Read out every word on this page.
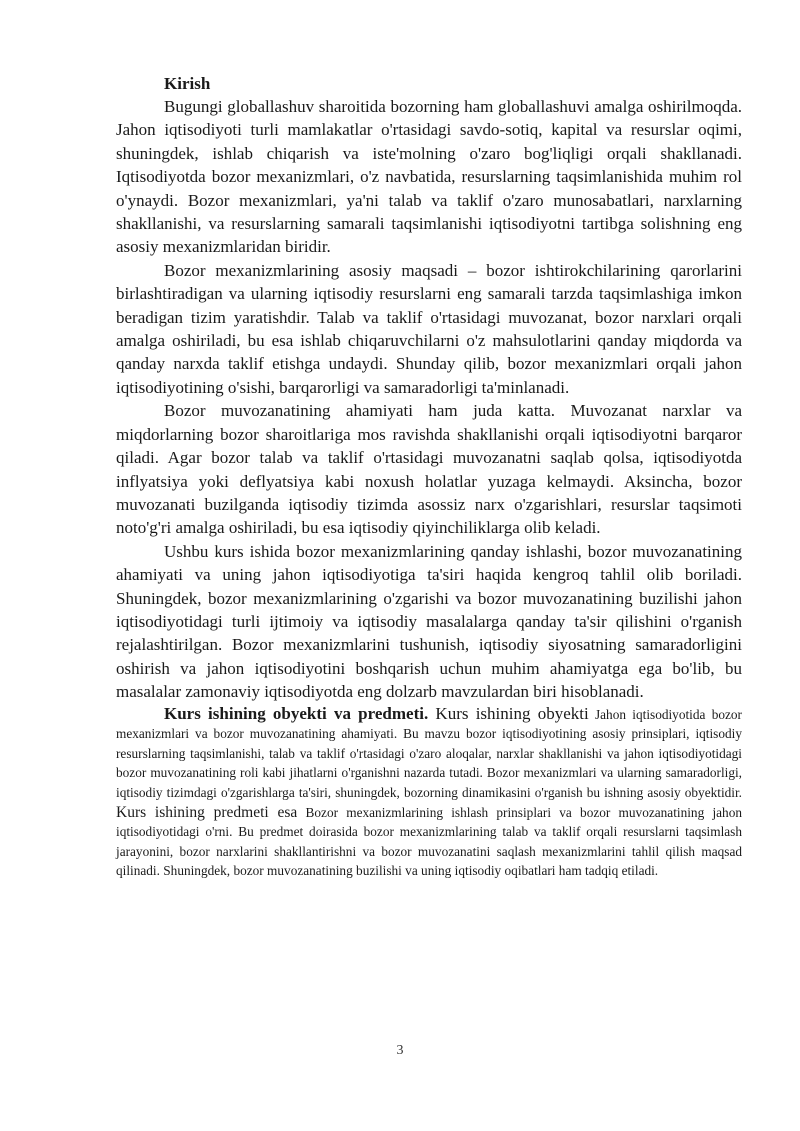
Kirish

Bugungi globallashuv sharoitida bozorning ham globallashuvi amalga oshirilmoqda. Jahon iqtisodiyoti turli mamlakatlar o'rtasidagi savdo-sotiq, kapital va resurslar oqimi, shuningdek, ishlab chiqarish va iste'molning o'zaro bog'liqligi orqali shakllanadi. Iqtisodiyotda bozor mexanizmlari, o'z navbatida, resurslarning taqsimlanishida muhim rol o'ynaydi. Bozor mexanizmlari, ya'ni talab va taklif o'zaro munosabatlari, narxlarning shakllanishi, va resurslarning samarali taqsimlanishi iqtisodiyotni tartibga solishning eng asosiy mexanizmlaridan biridir.

Bozor mexanizmlarining asosiy maqsadi – bozor ishtirokchilarining qarorlarini birlashtiradigan va ularning iqtisodiy resurslarni eng samarali tarzda taqsimlashiga imkon beradigan tizim yaratishdir. Talab va taklif o'rtasidagi muvozanat, bozor narxlari orqali amalga oshiriladi, bu esa ishlab chiqaruvchilarni o'z mahsulotlarini qanday miqdorda va qanday narxda taklif etishga undaydi. Shunday qilib, bozor mexanizmlari orqali jahon iqtisodiyotining o'sishi, barqarorligi va samaradorligi ta'minlanadi.

Bozor muvozanatining ahamiyati ham juda katta. Muvozanat narxlar va miqdorlarning bozor sharoitlariga mos ravishda shakllanishi orqali iqtisodiyotni barqaror qiladi. Agar bozor talab va taklif o'rtasidagi muvozanatni saqlab qolsa, iqtisodiyotda inflyatsiya yoki deflyatsiya kabi noxush holatlar yuzaga kelmaydi. Aksincha, bozor muvozanati buzilganda iqtisodiy tizimda asossiz narx o'zgarishlari, resurslar taqsimoti noto'g'ri amalga oshiriladi, bu esa iqtisodiy qiyinchiliklarga olib keladi.

Ushbu kurs ishida bozor mexanizmlarining qanday ishlashi, bozor muvozanatining ahamiyati va uning jahon iqtisodiyotiga ta'siri haqida kengroq tahlil olib boriladi. Shuningdek, bozor mexanizmlarining o'zgarishi va bozor muvozanatining buzilishi jahon iqtisodiyotidagi turli ijtimoiy va iqtisodiy masalalarga qanday ta'sir qilishini o'rganish rejalashtirilgan. Bozor mexanizmlarini tushunish, iqtisodiy siyosatning samaradorligini oshirish va jahon iqtisodiyotini boshqarish uchun muhim ahamiyatga ega bo'lib, bu masalalar zamonaviy iqtisodiyotda eng dolzarb mavzulardan biri hisoblanadi.

Kurs ishining obyekti va predmeti. Kurs ishining obyekti Jahon iqtisodiyotida bozor mexanizmlari va bozor muvozanatining ahamiyati. Bu mavzu bozor iqtisodiyotining asosiy prinsiplari, iqtisodiy resurslarning taqsimlanishi, talab va taklif o'rtasidagi o'zaro aloqalar, narxlar shakllanishi va jahon iqtisodiyotidagi bozor muvozanatining roli kabi jihatlarni o'rganishni nazarda tutadi. Bozor mexanizmlari va ularning samaradorligi, iqtisodiy tizimdagi o'zgarishlarga ta'siri, shuningdek, bozorning dinamikasini o'rganish bu ishning asosiy obyektidir. Kurs ishining predmeti esa Bozor mexanizmlarining ishlash prinsiplari va bozor muvozanatining jahon iqtisodiyotidagi o'rni. Bu predmet doirasida bozor mexanizmlarining talab va taklif orqali resurslarni taqsimlash jarayonini, bozor narxlarini shakllantirishni va bozor muvozanatini saqlash mexanizmlarini tahlil qilish maqsad qilinadi. Shuningdek, bozor muvozanatining buzilishi va uning iqtisodiy oqibatlari ham tadqiq etiladi.

3
